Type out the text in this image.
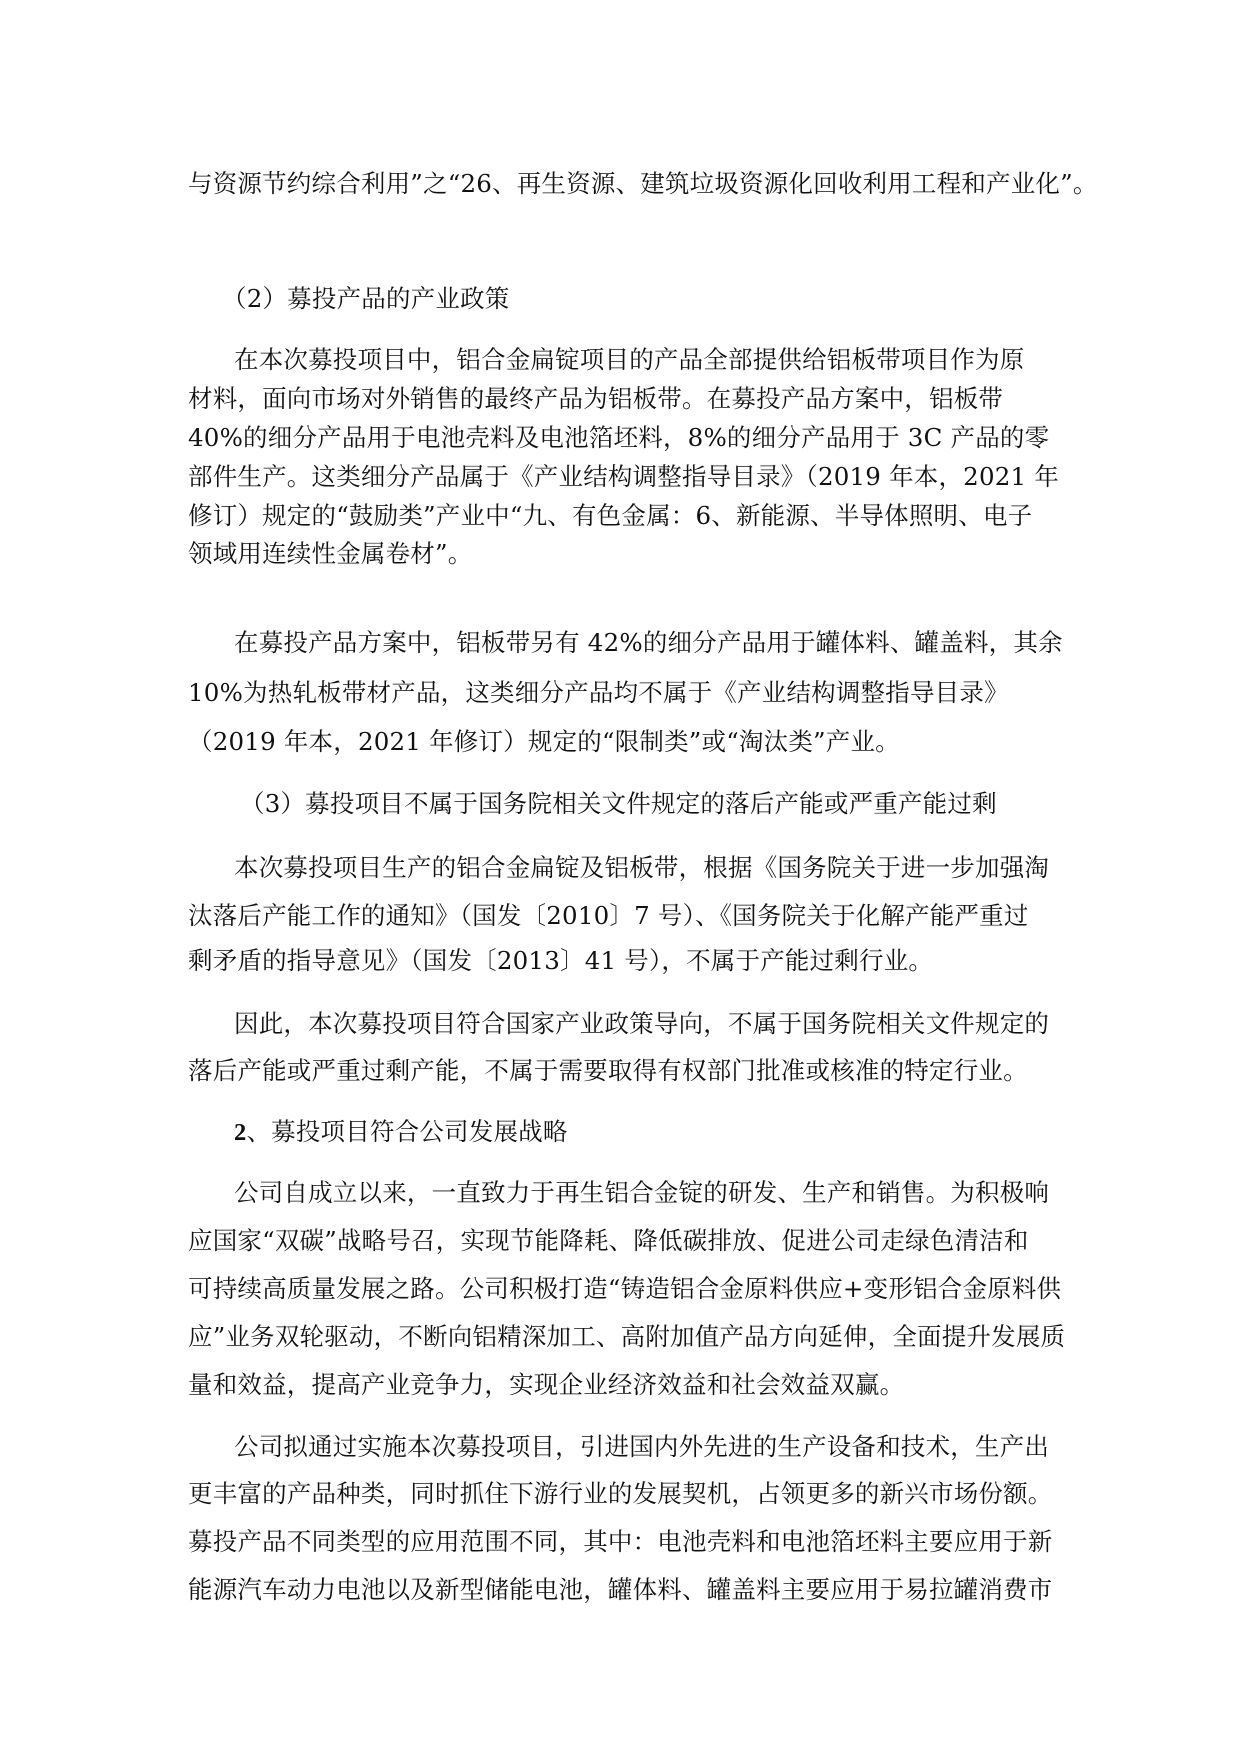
与资源节约综合利用”之“26、再生资源、建筑垃圾资源化回收利用工程和产业化”。

（2）募投产品的产业政策

在本次募投项目中，铝合金扁锭项目的产品全部提供给铝板带项目作为原

材料，面向市场对外销售的最终产品为铝板带。在募投产品方案中，铝板带

40%的细分产品用于电池壳料及电池箔坯料，8%的细分产品用于 3C 产品的零

部件生产。这类细分产品属于《产业结构调整指导目录》（2019 年本，2021 年

修订）规定的“鼓励类”产业中“九、有色金属：6、新能源、半导体照明、电子

领域用连续性金属卷材”。

在募投产品方案中，铝板带另有 42%的细分产品用于罐体料、罐盖料，其余

10%为热轧板带材产品，这类细分产品均不属于《产业结构调整指导目录》

（2019 年本，2021 年修订）规定的“限制类”或“淘汰类”产业。

（3）募投项目不属于国务院相关文件规定的落后产能或严重产能过剩

本次募投项目生产的铝合金扁锭及铝板带，根据《国务院关于进一步加强淘

汰落后产能工作的通知》（国发〔2010〕7 号）、《国务院关于化解产能严重过

剩矛盾的指导意见》（国发〔2013〕41 号），不属于产能过剩行业。

因此，本次募投项目符合国家产业政策导向，不属于国务院相关文件规定的

落后产能或严重过剩产能，不属于需要取得有权部门批准或核准的特定行业。

2、募投项目符合公司发展战略

公司自成立以来，一直致力于再生铝合金锭的研发、生产和销售。为积极响

应国家“双碳”战略号召，实现节能降耗、降低碳排放、促进公司走绿色清洁和

可持续高质量发展之路。公司积极打造“铸造铝合金原料供应+变形铝合金原料供

应”业务双轮驱动，不断向铝精深加工、高附加值产品方向延伸，全面提升发展质

量和效益，提高产业竞争力，实现企业经济效益和社会效益双赢。

公司拟通过实施本次募投项目，引进国内外先进的生产设备和技术，生产出

更丰富的产品种类，同时抓住下游行业的发展契机，占领更多的新兴市场份额。

募投产品不同类型的应用范围不同，其中：电池壳料和电池箔坯料主要应用于新

能源汽车动力电池以及新型储能电池，罐体料、罐盖料主要应用于易拉罐消费市
